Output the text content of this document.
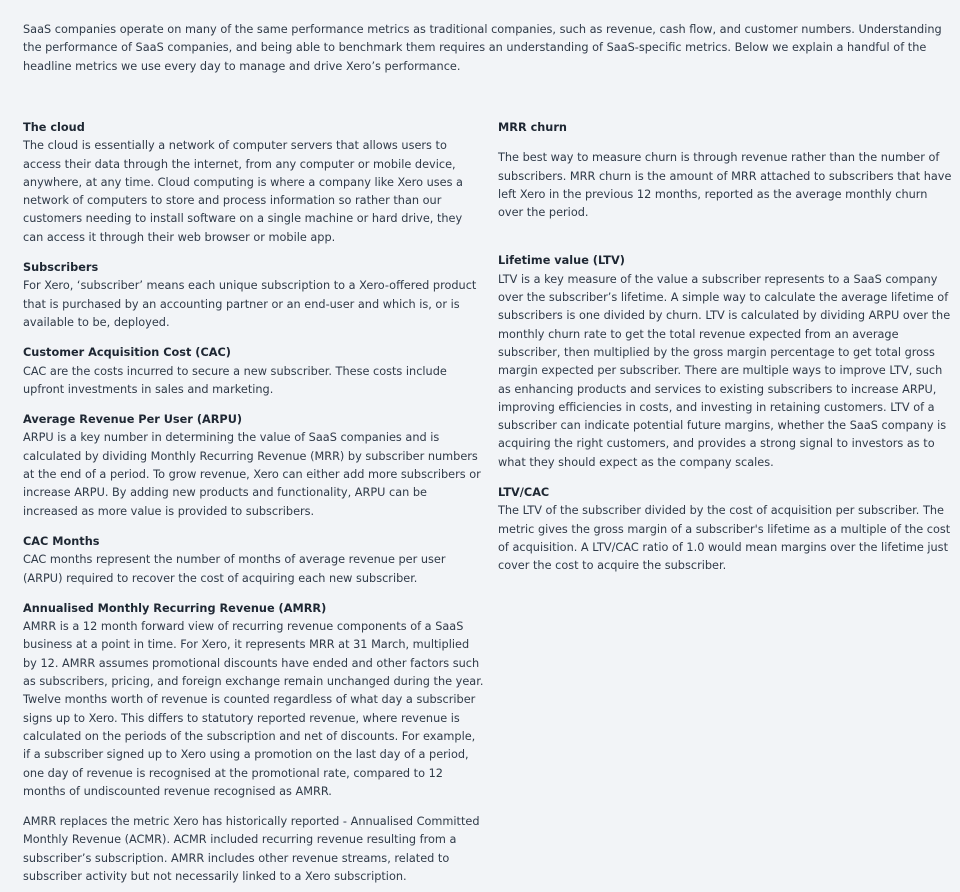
SaaS companies operate on many of the same performance metrics as traditional companies, such as revenue, cash flow, and customer numbers. Understanding the performance of SaaS companies, and being able to benchmark them requires an understanding of SaaS-specific metrics. Below we explain a handful of the headline metrics we use every day to manage and drive Xero’s performance.

The cloud

The cloud is essentially a network of computer servers that allows users to access their data through the internet, from any computer or mobile device, anywhere, at any time. Cloud computing is where a company like Xero uses a network of computers to store and process information so rather than our customers needing to install software on a single machine or hard drive, they can access it through their web browser or mobile app.

Subscribers

For Xero, ‘subscriber’ means each unique subscription to a Xero-offered product that is purchased by an accounting partner or an end-user and which is, or is available to be, deployed.

Customer Acquisition Cost (CAC)

CAC are the costs incurred to secure a new subscriber. These costs include upfront investments in sales and marketing.

Average Revenue Per User (ARPU)

ARPU is a key number in determining the value of SaaS companies and is calculated by dividing Monthly Recurring Revenue (MRR) by subscriber numbers at the end of a period. To grow revenue, Xero can either add more subscribers or increase ARPU. By adding new products and functionality, ARPU can be increased as more value is provided to subscribers.

CAC Months

CAC months represent the number of months of average revenue per user (ARPU) required to recover the cost of acquiring each new subscriber.

Annualised Monthly Recurring Revenue (AMRR)

AMRR is a 12 month forward view of recurring revenue components of a SaaS business at a point in time. For Xero, it represents MRR at 31 March, multiplied by 12. AMRR assumes promotional discounts have ended and other factors such as subscribers, pricing, and foreign exchange remain unchanged during the year. Twelve months worth of revenue is counted regardless of what day a subscriber signs up to Xero. This differs to statutory reported revenue, where revenue is calculated on the periods of the subscription and net of discounts. For example, if a subscriber signed up to Xero using a promotion on the last day of a period, one day of revenue is recognised at the promotional rate, compared to 12 months of undiscounted revenue recognised as AMRR.

AMRR replaces the metric Xero has historically reported - Annualised Committed Monthly Revenue (ACMR). ACMR included recurring revenue resulting from a subscriber’s subscription. AMRR includes other revenue streams, related to subscriber activity but not necessarily linked to a Xero subscription.

MRR churn

The best way to measure churn is through revenue rather than the number of subscribers. MRR churn is the amount of MRR attached to subscribers that have left Xero in the previous 12 months, reported as the average monthly churn over the period.

Lifetime value (LTV)

LTV is a key measure of the value a subscriber represents to a SaaS company over the subscriber’s lifetime. A simple way to calculate the average lifetime of subscribers is one divided by churn. LTV is calculated by dividing ARPU over the monthly churn rate to get the total revenue expected from an average subscriber, then multiplied by the gross margin percentage to get total gross margin expected per subscriber. There are multiple ways to improve LTV, such as enhancing products and services to existing subscribers to increase ARPU, improving efficiencies in costs, and investing in retaining customers. LTV of a subscriber can indicate potential future margins, whether the SaaS company is acquiring the right customers, and provides a strong signal to investors as to what they should expect as the company scales.

LTV/CAC

The LTV of the subscriber divided by the cost of acquisition per subscriber. The metric gives the gross margin of a subscriber's lifetime as a multiple of the cost of acquisition. A LTV/CAC ratio of 1.0 would mean margins over the lifetime just cover the cost to acquire the subscriber.
